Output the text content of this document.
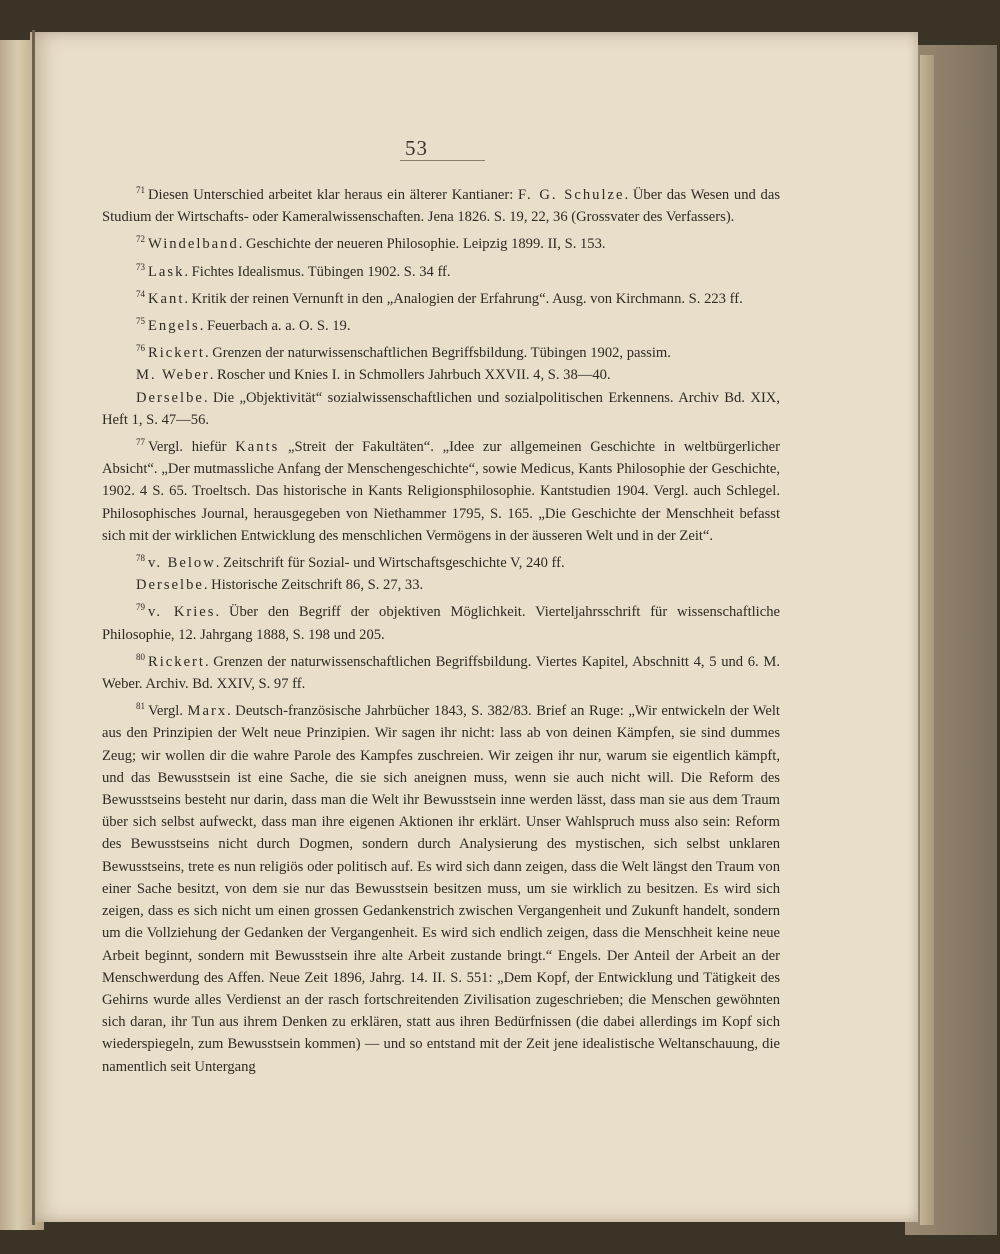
53

$^{71}$ Diesen Unterschied arbeitet klar heraus ein älterer Kantianer: F. G. Schulze. Über das Wesen und das Studium der Wirtschafts- oder Kameralwissenschaften. Jena 1826. S. 19, 22, 36 (Grossvater des Verfassers).

$^{72}$ Windelband. Geschichte der neueren Philosophie. Leipzig 1899. II, S. 153.

$^{73}$ Lask. Fichtes Idealismus. Tübingen 1902. S. 34 ff.

$^{74}$ Kant. Kritik der reinen Vernunft in den „Analogien der Erfahrung“. Ausg. von Kirchmann. S. 223 ff.

$^{75}$ Engels. Feuerbach a. a. O. S. 19.

$^{76}$ Rickert. Grenzen der naturwissenschaftlichen Begriffsbildung. Tübingen 1902, passim.

M. Weber. Roscher und Knies I. in Schmollers Jahrbuch XXVII. 4, S. 38—40.

Derselbe. Die „Objektivität“ sozialwissenschaftlichen und sozialpolitischen Erkennens. Archiv Bd. XIX, Heft 1, S. 47—56.

$^{77}$ Vergl. hiefür Kants „Streit der Fakultäten“. „Idee zur allgemeinen Geschichte in weltbürgerlicher Absicht“. „Der mutmassliche Anfang der Menschengeschichte“, sowie Medicus, Kants Philosophie der Geschichte, 1902. 4 S. 65. Troeltsch. Das historische in Kants Religionsphilosophie. Kantstudien 1904. Vergl. auch Schlegel. Philosophisches Journal, herausgegeben von Niethammer 1795, S. 165. „Die Geschichte der Menschheit befasst sich mit der wirklichen Entwicklung des menschlichen Vermögens in der äusseren Welt und in der Zeit“.

$^{78}$ v. Below. Zeitschrift für Sozial- und Wirtschaftsgeschichte V, 240 ff.

Derselbe. Historische Zeitschrift 86, S. 27, 33.

$^{79}$ v. Kries. Über den Begriff der objektiven Möglichkeit. Vierteljahrsschrift für wissenschaftliche Philosophie, 12. Jahrgang 1888, S. 198 und 205.

$^{80}$ Rickert. Grenzen der naturwissenschaftlichen Begriffsbildung. Viertes Kapitel, Abschnitt 4, 5 und 6. M. Weber. Archiv. Bd. XXIV, S. 97 ff.

$^{81}$ Vergl. Marx. Deutsch-französische Jahrbücher 1843, S. 382/83. Brief an Ruge: „Wir entwickeln der Welt aus den Prinzipien der Welt neue Prinzipien. Wir sagen ihr nicht: lass ab von deinen Kämpfen, sie sind dummes Zeug; wir wollen dir die wahre Parole des Kampfes zuschreien. Wir zeigen ihr nur, warum sie eigentlich kämpft, und das Bewusstsein ist eine Sache, die sie sich aneignen muss, wenn sie auch nicht will. Die Reform des Bewusstseins besteht nur darin, dass man die Welt ihr Bewusstsein inne werden lässt, dass man sie aus dem Traum über sich selbst aufweckt, dass man ihre eigenen Aktionen ihr erklärt. Unser Wahlspruch muss also sein: Reform des Bewusstseins nicht durch Dogmen, sondern durch Analysierung des mystischen, sich selbst unklaren Bewusstseins, trete es nun religiös oder politisch auf. Es wird sich dann zeigen, dass die Welt längst den Traum von einer Sache besitzt, von dem sie nur das Bewusstsein besitzen muss, um sie wirklich zu besitzen. Es wird sich zeigen, dass es sich nicht um einen grossen Gedankenstrich zwischen Vergangenheit und Zukunft handelt, sondern um die Vollziehung der Gedanken der Vergangenheit. Es wird sich endlich zeigen, dass die Menschheit keine neue Arbeit beginnt, sondern mit Bewusstsein ihre alte Arbeit zustande bringt.“ Engels. Der Anteil der Arbeit an der Menschwerdung des Affen. Neue Zeit 1896, Jahrg. 14. II. S. 551: „Dem Kopf, der Entwicklung und Tätigkeit des Gehirns wurde alles Verdienst an der rasch fortschreitenden Zivilisation zugeschrieben; die Menschen gewöhnten sich daran, ihr Tun aus ihrem Denken zu erklären, statt aus ihren Bedürfnissen (die dabei allerdings im Kopf sich wiederspiegeln, zum Bewusstsein kommen) — und so entstand mit der Zeit jene idealistische Weltanschauung, die namentlich seit Untergang
